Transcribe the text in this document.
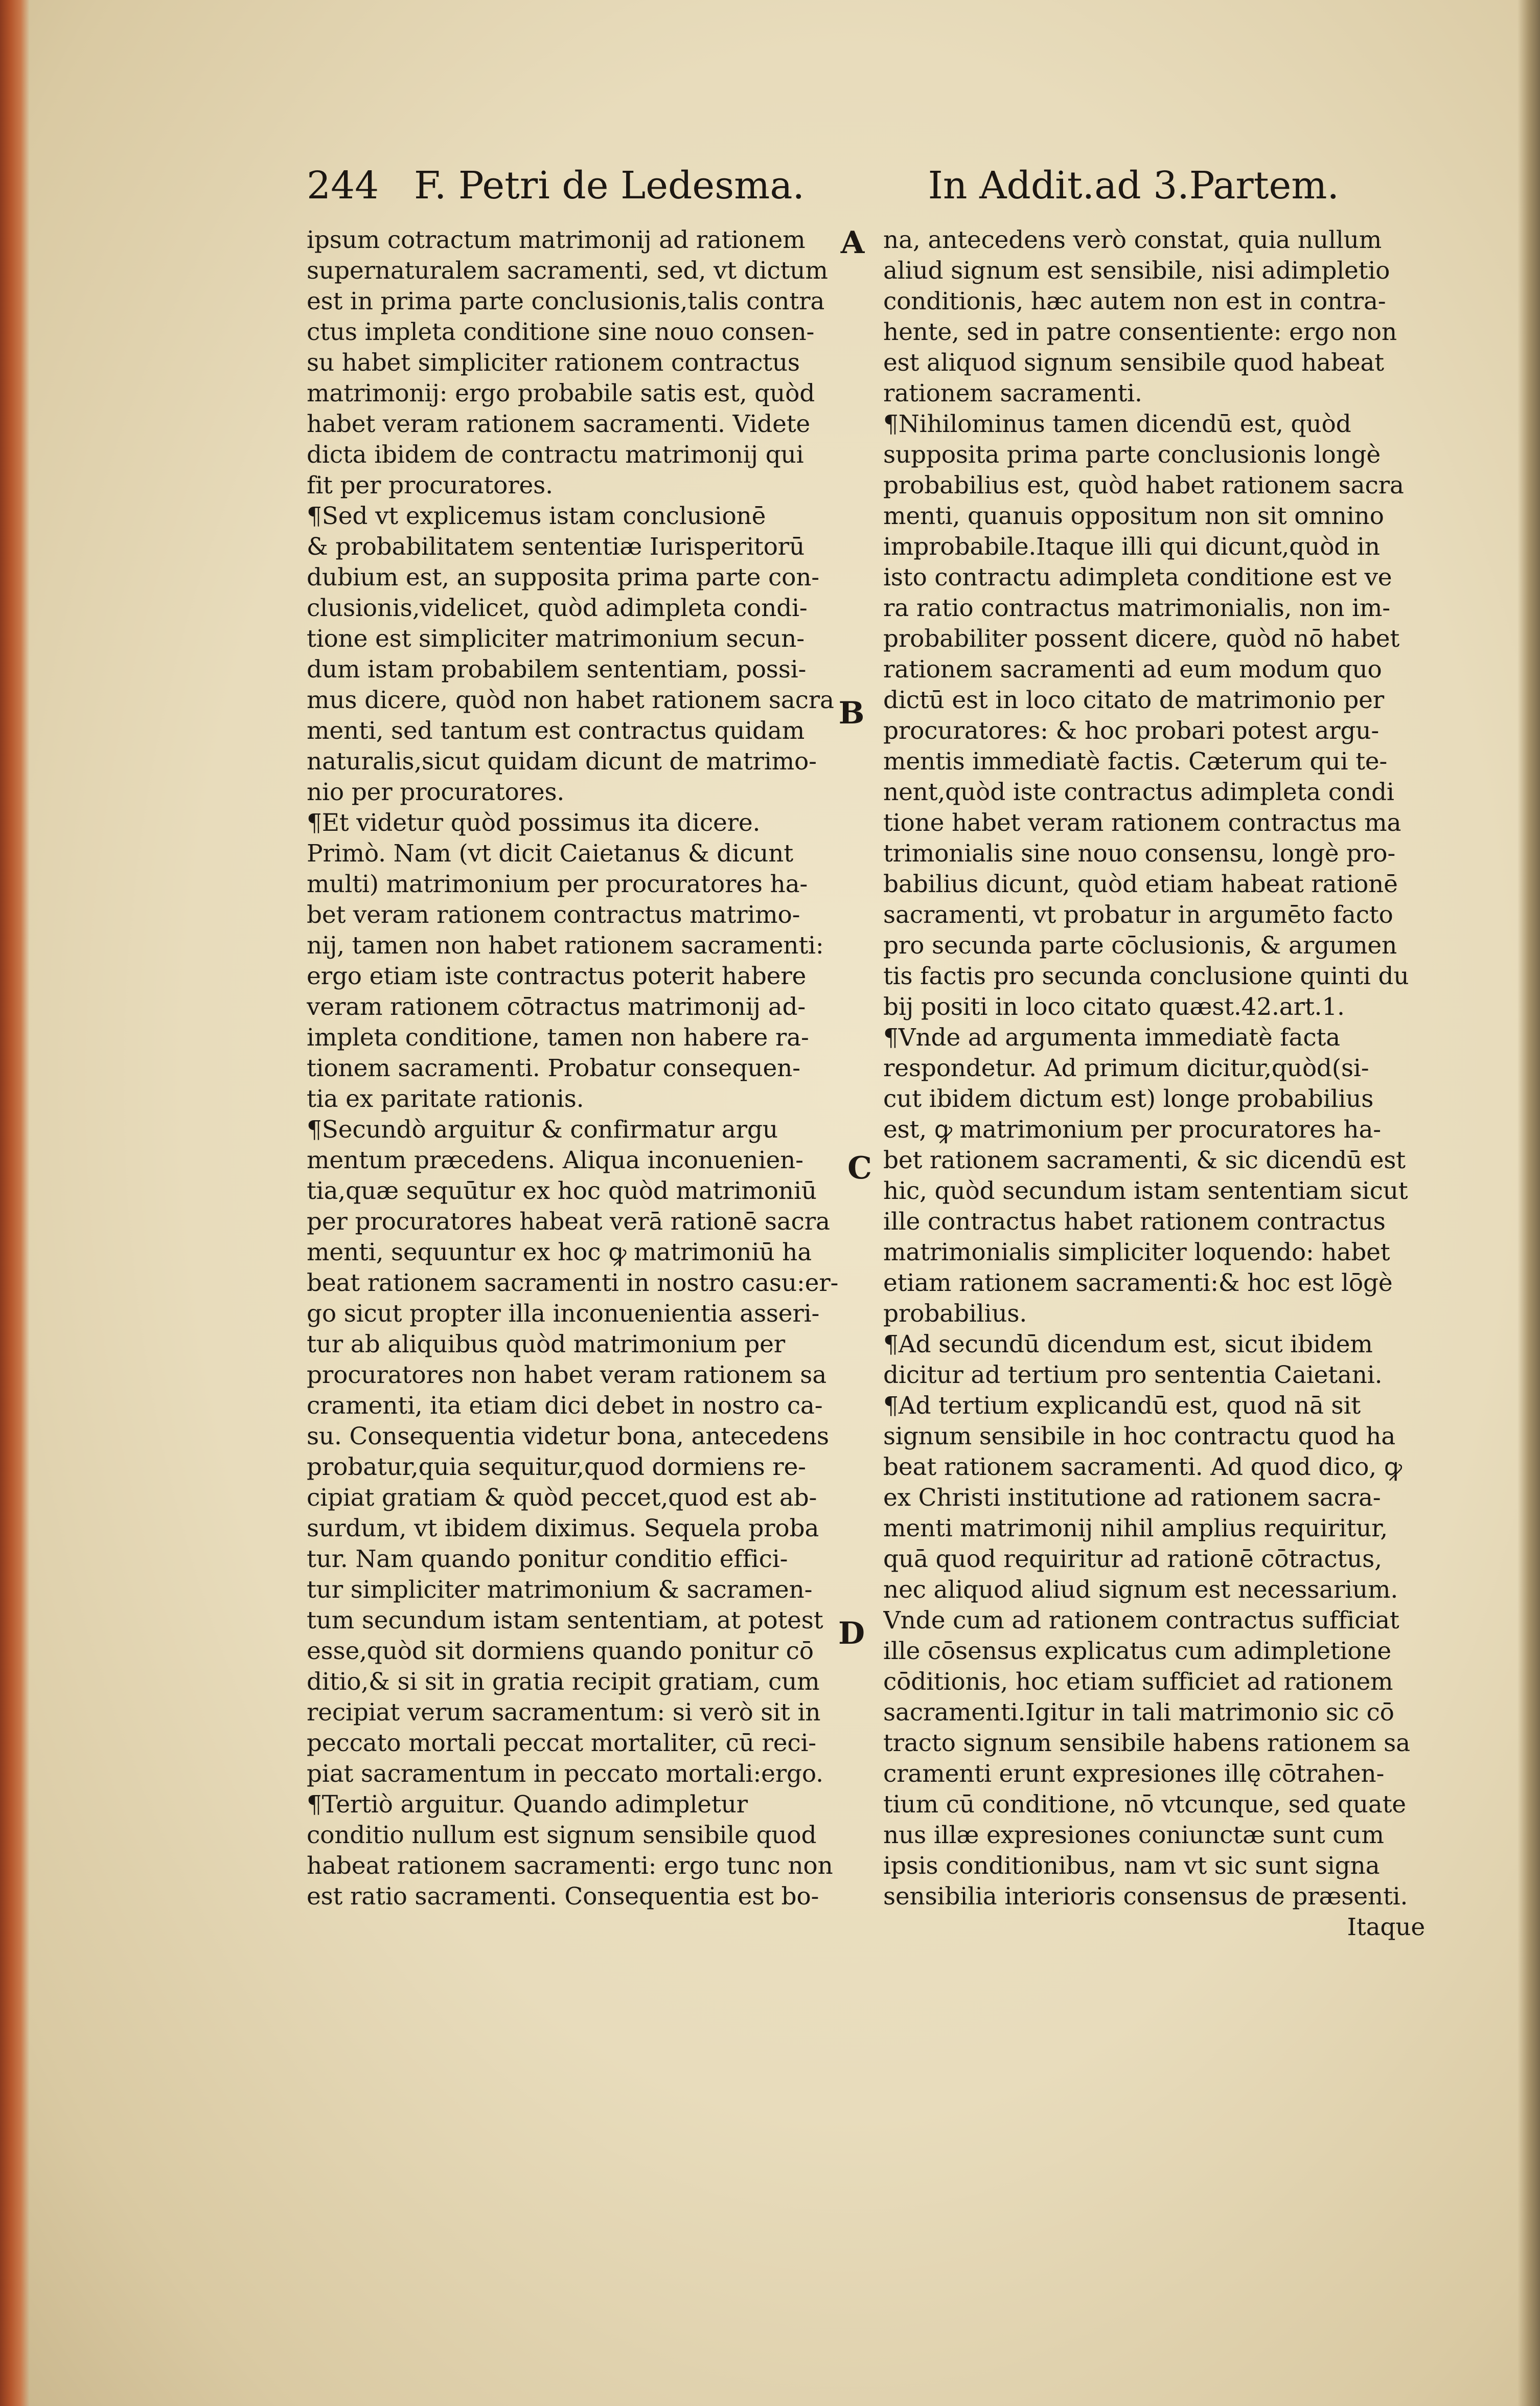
244 F. Petri de Ledesma.	In Addit.ad 3.Partem.
A
B
C
D
ipsum cotractum matrimonij ad rationem
supernaturalem sacramenti, sed, vt dictum
est in prima parte conclusionis,talis contra
ctus impleta conditione sine nouo consen-
su habet simpliciter rationem contractus
matrimonij: ergo probabile satis est, quòd
habet veram rationem sacramenti. Videte
dicta ibidem de contractu matrimonij qui
fit per procuratores.
¶Sed vt explicemus istam conclusionē
& probabilitatem sententiæ Iurisperitorū
dubium est, an supposita prima parte con-
clusionis,videlicet, quòd adimpleta condi-
tione est simpliciter matrimonium secun-
dum istam probabilem sententiam, possi-
mus dicere, quòd non habet rationem sacra
menti, sed tantum est contractus quidam
naturalis,sicut quidam dicunt de matrimo-
nio per procuratores.
¶Et videtur quòd possimus ita dicere.
Primò. Nam (vt dicit Caietanus & dicunt
multi) matrimonium per procuratores ha-
bet veram rationem contractus matrimo-
nij, tamen non habet rationem sacramenti:
ergo etiam iste contractus poterit habere
veram rationem cōtractus matrimonij ad-
impleta conditione, tamen non habere ra-
tionem sacramenti. Probatur consequen-
tia ex paritate rationis.
¶Secundò arguitur & confirmatur argu
mentum præcedens. Aliqua inconuenien-
tia,quæ sequūtur ex hoc quòd matrimoniū
per procuratores habeat verā rationē sacra
menti, sequuntur ex hoc ꝙ matrimoniū ha
beat rationem sacramenti in nostro casu:er-
go sicut propter illa inconuenientia asseri-
tur ab aliquibus quòd matrimonium per
procuratores non habet veram rationem sa
cramenti, ita etiam dici debet in nostro ca-
su. Consequentia videtur bona, antecedens
probatur,quia sequitur,quod dormiens re-
cipiat gratiam & quòd peccet,quod est ab-
surdum, vt ibidem diximus. Sequela proba
tur. Nam quando ponitur conditio effici-
tur simpliciter matrimonium & sacramen-
tum secundum istam sententiam, at potest
esse,quòd sit dormiens quando ponitur cō
ditio,& si sit in gratia recipit gratiam, cum
recipiat verum sacramentum: si verò sit in
peccato mortali peccat mortaliter, cū reci-
piat sacramentum in peccato mortali:ergo.
¶Tertiò arguitur. Quando adimpletur
conditio nullum est signum sensibile quod
habeat rationem sacramenti: ergo tunc non
est ratio sacramenti. Consequentia est bo-
na, antecedens verò constat, quia nullum
aliud signum est sensibile, nisi adimpletio
conditionis, hæc autem non est in contra-
hente, sed in patre consentiente: ergo non
est aliquod signum sensibile quod habeat
rationem sacramenti.
¶Nihilominus tamen dicendū est, quòd
supposita prima parte conclusionis longè
probabilius est, quòd habet rationem sacra
menti, quanuis oppositum non sit omnino
improbabile.Itaque illi qui dicunt,quòd in
isto contractu adimpleta conditione est ve
ra ratio contractus matrimonialis, non im-
probabiliter possent dicere, quòd nō habet
rationem sacramenti ad eum modum quo
dictū est in loco citato de matrimonio per
procuratores: & hoc probari potest argu-
mentis immediatè factis. Cæterum qui te-
nent,quòd iste contractus adimpleta condi
tione habet veram rationem contractus ma
trimonialis sine nouo consensu, longè pro-
babilius dicunt, quòd etiam habeat rationē
sacramenti, vt probatur in argumēto facto
pro secunda parte cōclusionis, & argumen
tis factis pro secunda conclusione quinti du
bij positi in loco citato quæst.42.art.1.
¶Vnde ad argumenta immediatè facta
respondetur. Ad primum dicitur,quòd(si-
cut ibidem dictum est) longe probabilius
est, ꝙ matrimonium per procuratores ha-
bet rationem sacramenti, & sic dicendū est
hic, quòd secundum istam sententiam sicut
ille contractus habet rationem contractus
matrimonialis simpliciter loquendo: habet
etiam rationem sacramenti:& hoc est lōgè
probabilius.
¶Ad secundū dicendum est, sicut ibidem
dicitur ad tertium pro sententia Caietani.
¶Ad tertium explicandū est, quod nā sit
signum sensibile in hoc contractu quod ha
beat rationem sacramenti. Ad quod dico, ꝙ
ex Christi institutione ad rationem sacra-
menti matrimonij nihil amplius requiritur,
quā quod requiritur ad rationē cōtractus,
nec aliquod aliud signum est necessarium.
Vnde cum ad rationem contractus sufficiat
ille cōsensus explicatus cum adimpletione
cōditionis, hoc etiam sufficiet ad rationem
sacramenti.Igitur in tali matrimonio sic cō
tracto signum sensibile habens rationem sa
cramenti erunt expresiones illę cōtrahen-
tium cū conditione, nō vtcunque, sed quate
nus illæ expresiones coniunctæ sunt cum
ipsis conditionibus, nam vt sic sunt signa
sensibilia interioris consensus de præsenti.
Itaque
